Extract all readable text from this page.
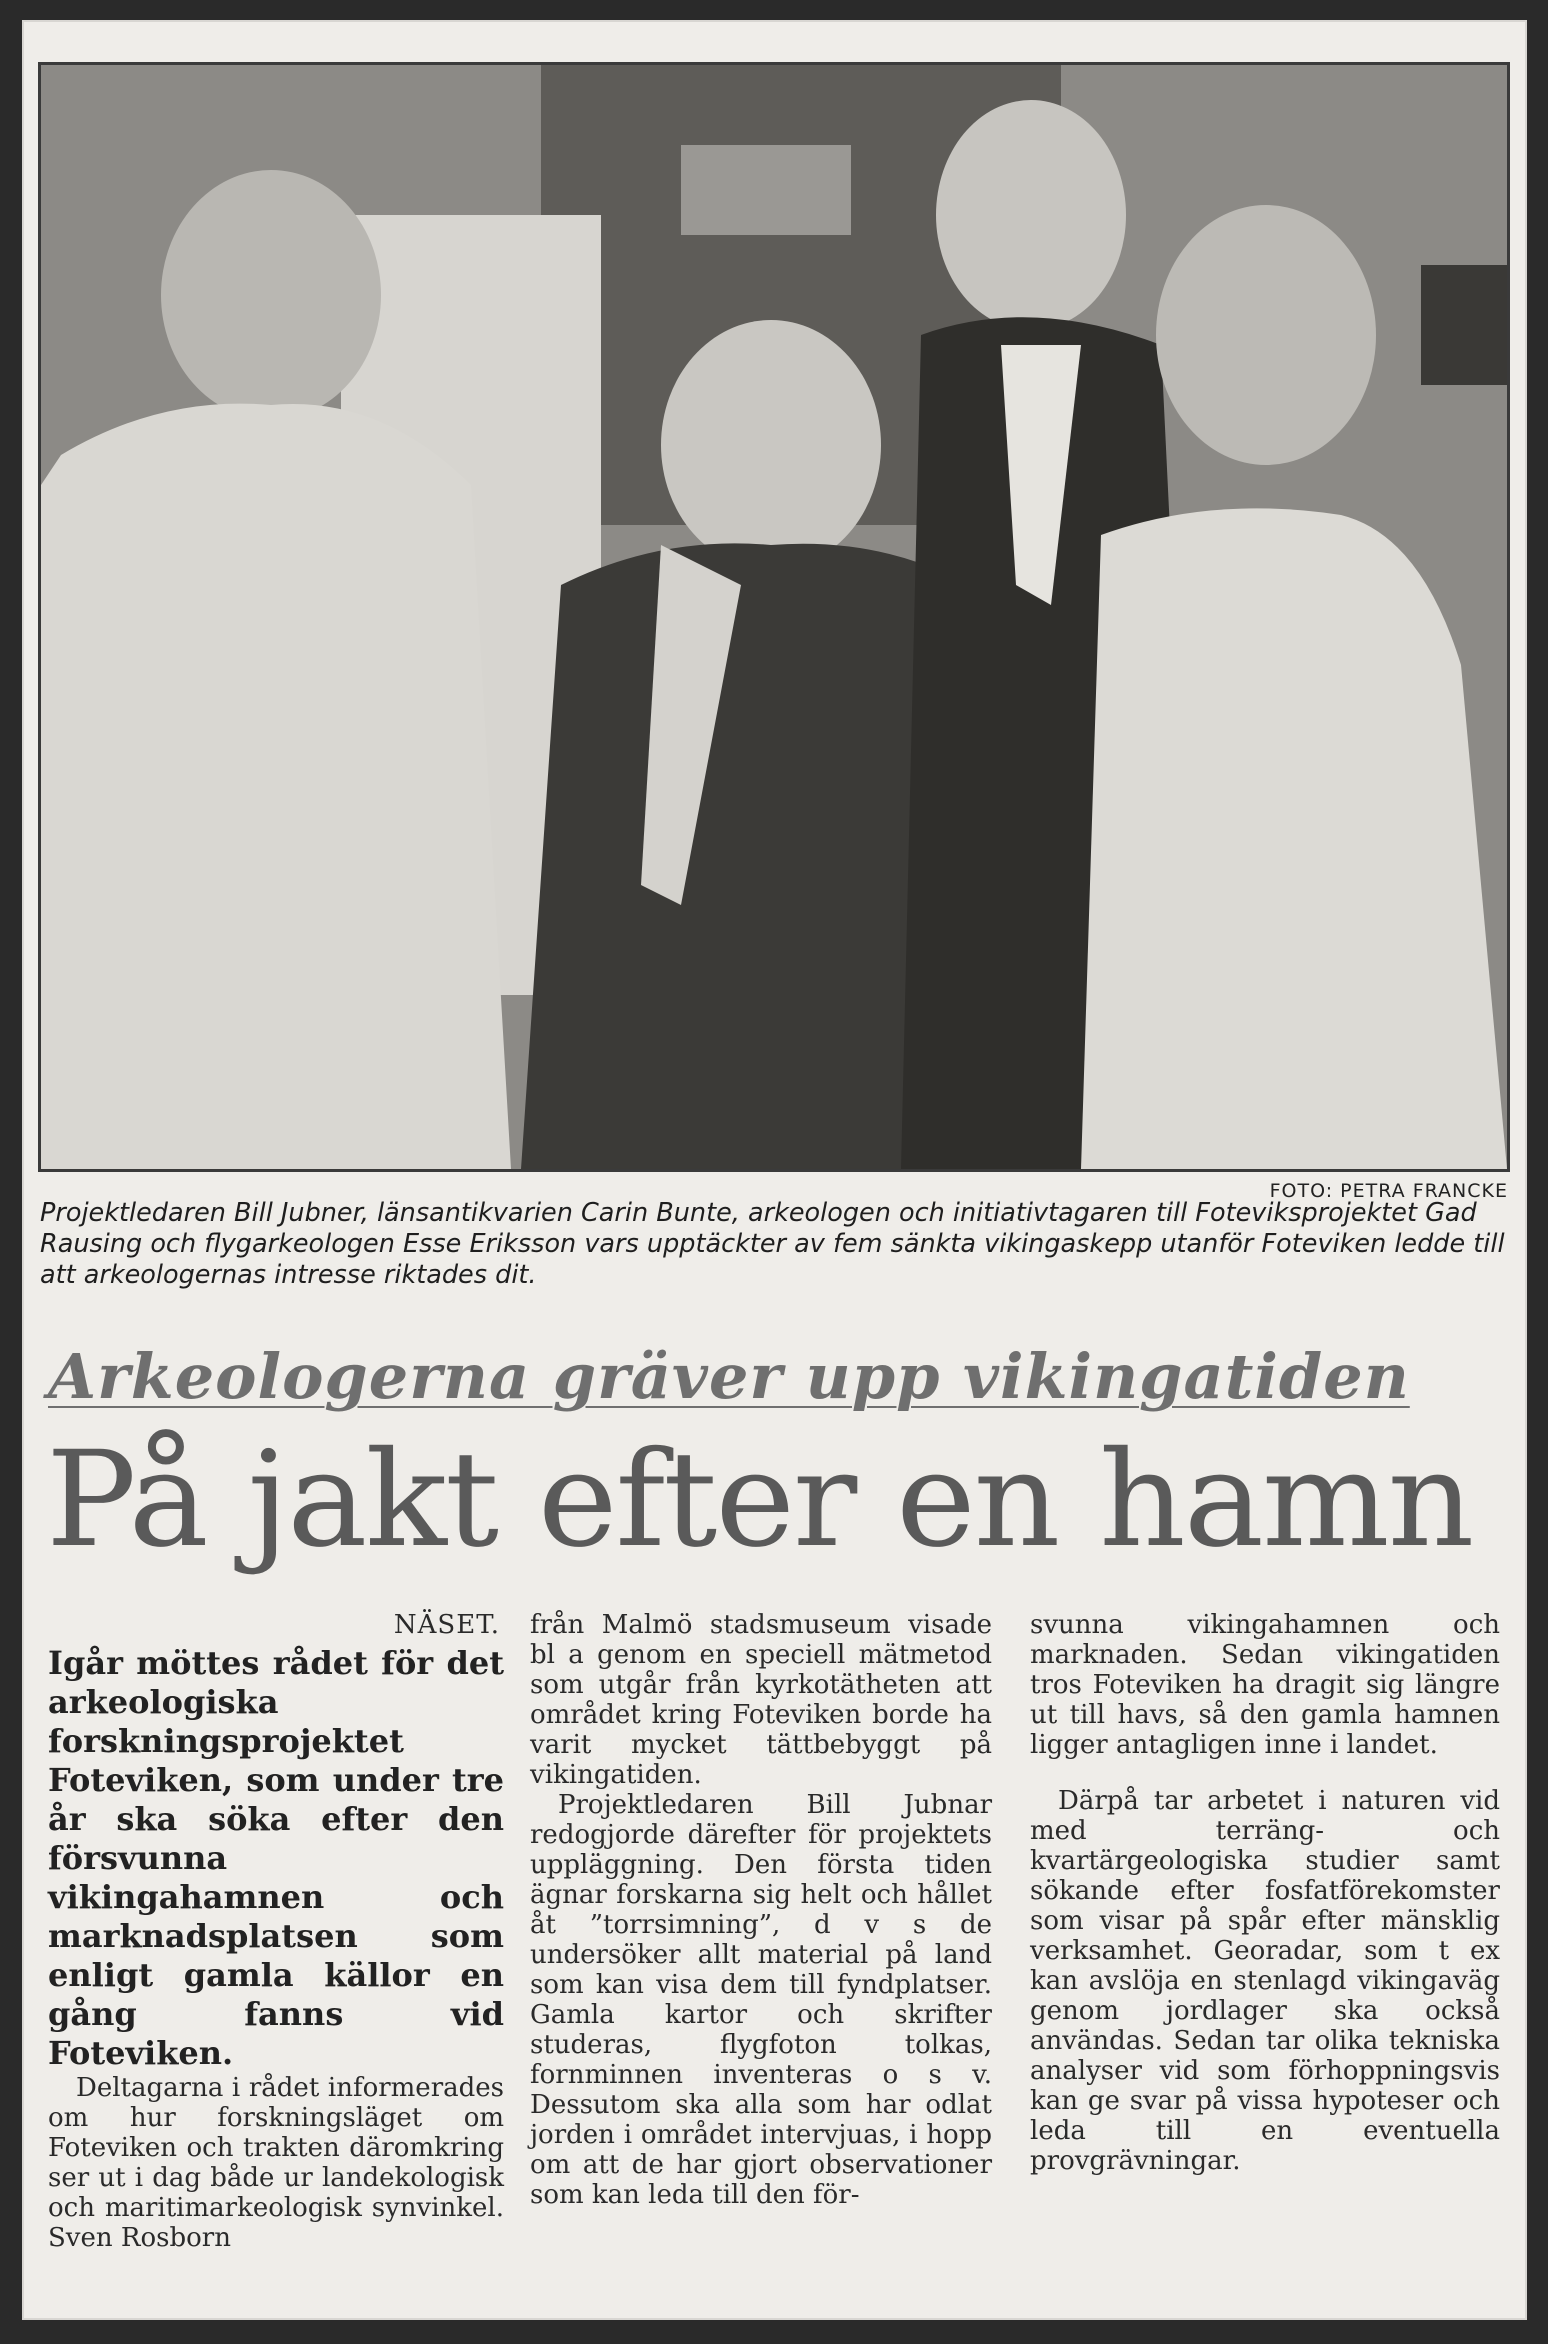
FOTO: PETRA FRANCKE

Projektledaren Bill Jubner, länsantikvarien Carin Bunte, arkeologen och initiativtagaren till Foteviksprojektet Gad Rausing och flygarkeologen Esse Eriksson vars upptäckter av fem sänkta vikingaskepp utanför Foteviken ledde till att arkeologernas intresse riktades dit.

Arkeologerna gräver upp vikingatiden
På jakt efter en hamn
NÄSET.

Igår möttes rådet för det arkeologiska forskningsprojektet Foteviken, som under tre år ska söka efter den försvunna vikingahamnen och marknadsplatsen som enligt gamla källor en gång fanns vid Foteviken.

Deltagarna i rådet informerades om hur forskningsläget om Foteviken och trakten däromkring ser ut i dag både ur landekologisk och maritimarkeologisk synvinkel. Sven Rosborn

från Malmö stadsmuseum visade bl a genom en speciell mätmetod som utgår från kyrkotätheten att området kring Foteviken borde ha varit mycket tättbebyggt på vikingatiden.

Projektledaren Bill Jubnar redogjorde därefter för projektets uppläggning. Den första tiden ägnar forskarna sig helt och hållet åt ”torrsimning”, d v s de undersöker allt material på land som kan visa dem till fyndplatser. Gamla kartor och skrifter studeras, flygfoton tolkas, fornminnen inventeras o s v. Dessutom ska alla som har odlat jorden i området intervjuas, i hopp om att de har gjort observationer som kan leda till den för-

svunna vikingahamnen och marknaden. Sedan vikingatiden tros Foteviken ha dragit sig längre ut till havs, så den gamla hamnen ligger antagligen inne i landet.

Därpå tar arbetet i naturen vid med terräng- och kvartärgeologiska studier samt sökande efter fosfatförekomster som visar på spår efter mänsklig verksamhet. Georadar, som t ex kan avslöja en stenlagd vikingaväg genom jordlager ska också användas. Sedan tar olika tekniska analyser vid som förhoppningsvis kan ge svar på vissa hypoteser och leda till en eventuella provgrävningar.
